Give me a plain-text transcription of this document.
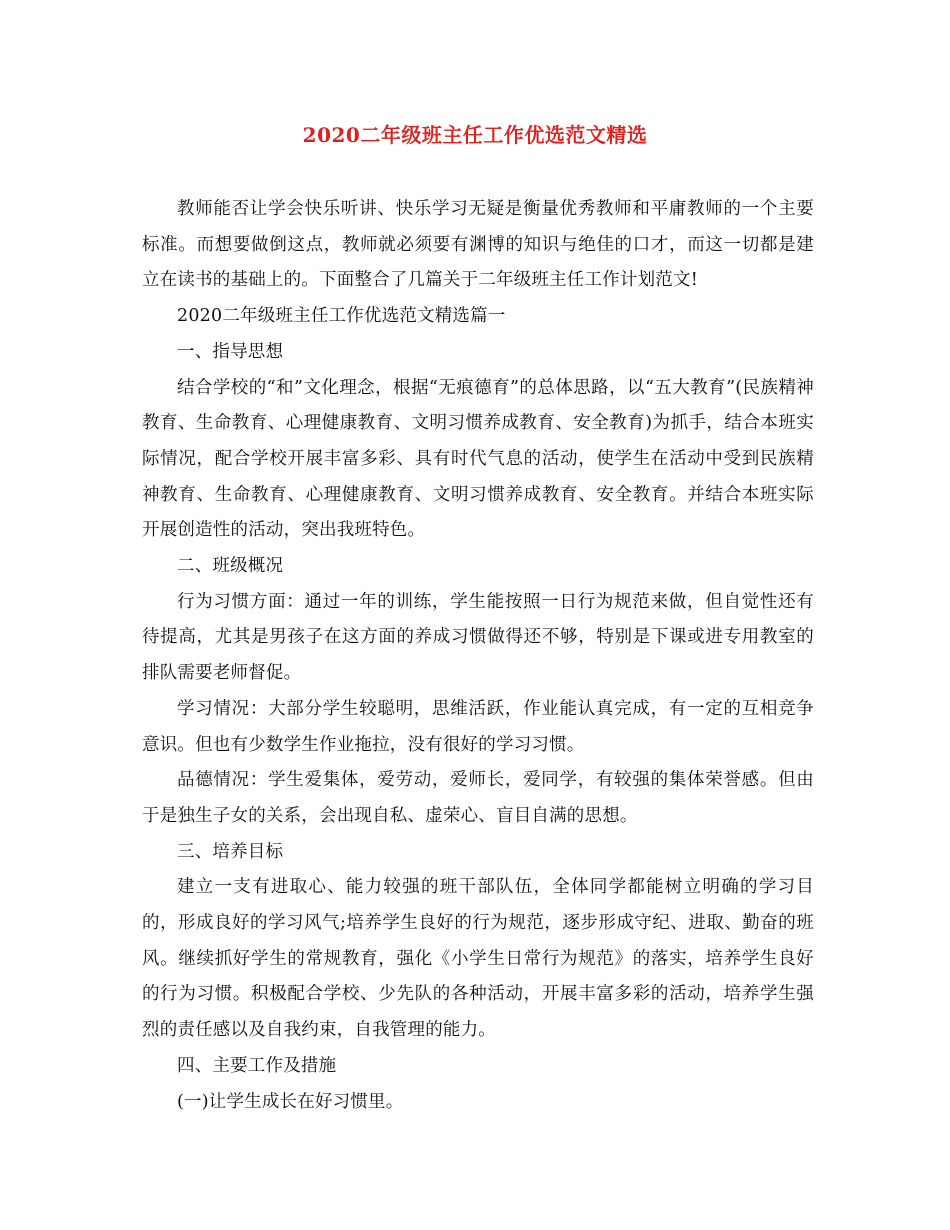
2020二年级班主任工作优选范文精选

教师能否让学会快乐听讲、快乐学习无疑是衡量优秀教师和平庸教师的一个主要标准。而想要做倒这点，教师就必须要有渊博的知识与绝佳的口才，而这一切都是建立在读书的基础上的。下面整合了几篇关于二年级班主任工作计划范文!

2020二年级班主任工作优选范文精选篇一

一、指导思想

结合学校的“和”文化理念，根据“无痕德育”的总体思路，以“五大教育”(民族精神教育、生命教育、心理健康教育、文明习惯养成教育、安全教育)为抓手，结合本班实际情况，配合学校开展丰富多彩、具有时代气息的活动，使学生在活动中受到民族精神教育、生命教育、心理健康教育、文明习惯养成教育、安全教育。并结合本班实际开展创造性的活动，突出我班特色。

二、班级概况

行为习惯方面：通过一年的训练，学生能按照一日行为规范来做，但自觉性还有待提高，尤其是男孩子在这方面的养成习惯做得还不够，特别是下课或进专用教室的排队需要老师督促。

学习情况：大部分学生较聪明，思维活跃，作业能认真完成，有一定的互相竞争意识。但也有少数学生作业拖拉，没有很好的学习习惯。

品德情况：学生爱集体，爱劳动，爱师长，爱同学，有较强的集体荣誉感。但由于是独生子女的关系，会出现自私、虚荣心、盲目自满的思想。

三、培养目标

建立一支有进取心、能力较强的班干部队伍，全体同学都能树立明确的学习目的，形成良好的学习风气;培养学生良好的行为规范，逐步形成守纪、进取、勤奋的班风。继续抓好学生的常规教育，强化《小学生日常行为规范》的落实，培养学生良好的行为习惯。积极配合学校、少先队的各种活动，开展丰富多彩的活动，培养学生强烈的责任感以及自我约束，自我管理的能力。

四、主要工作及措施

(一)让学生成长在好习惯里。
